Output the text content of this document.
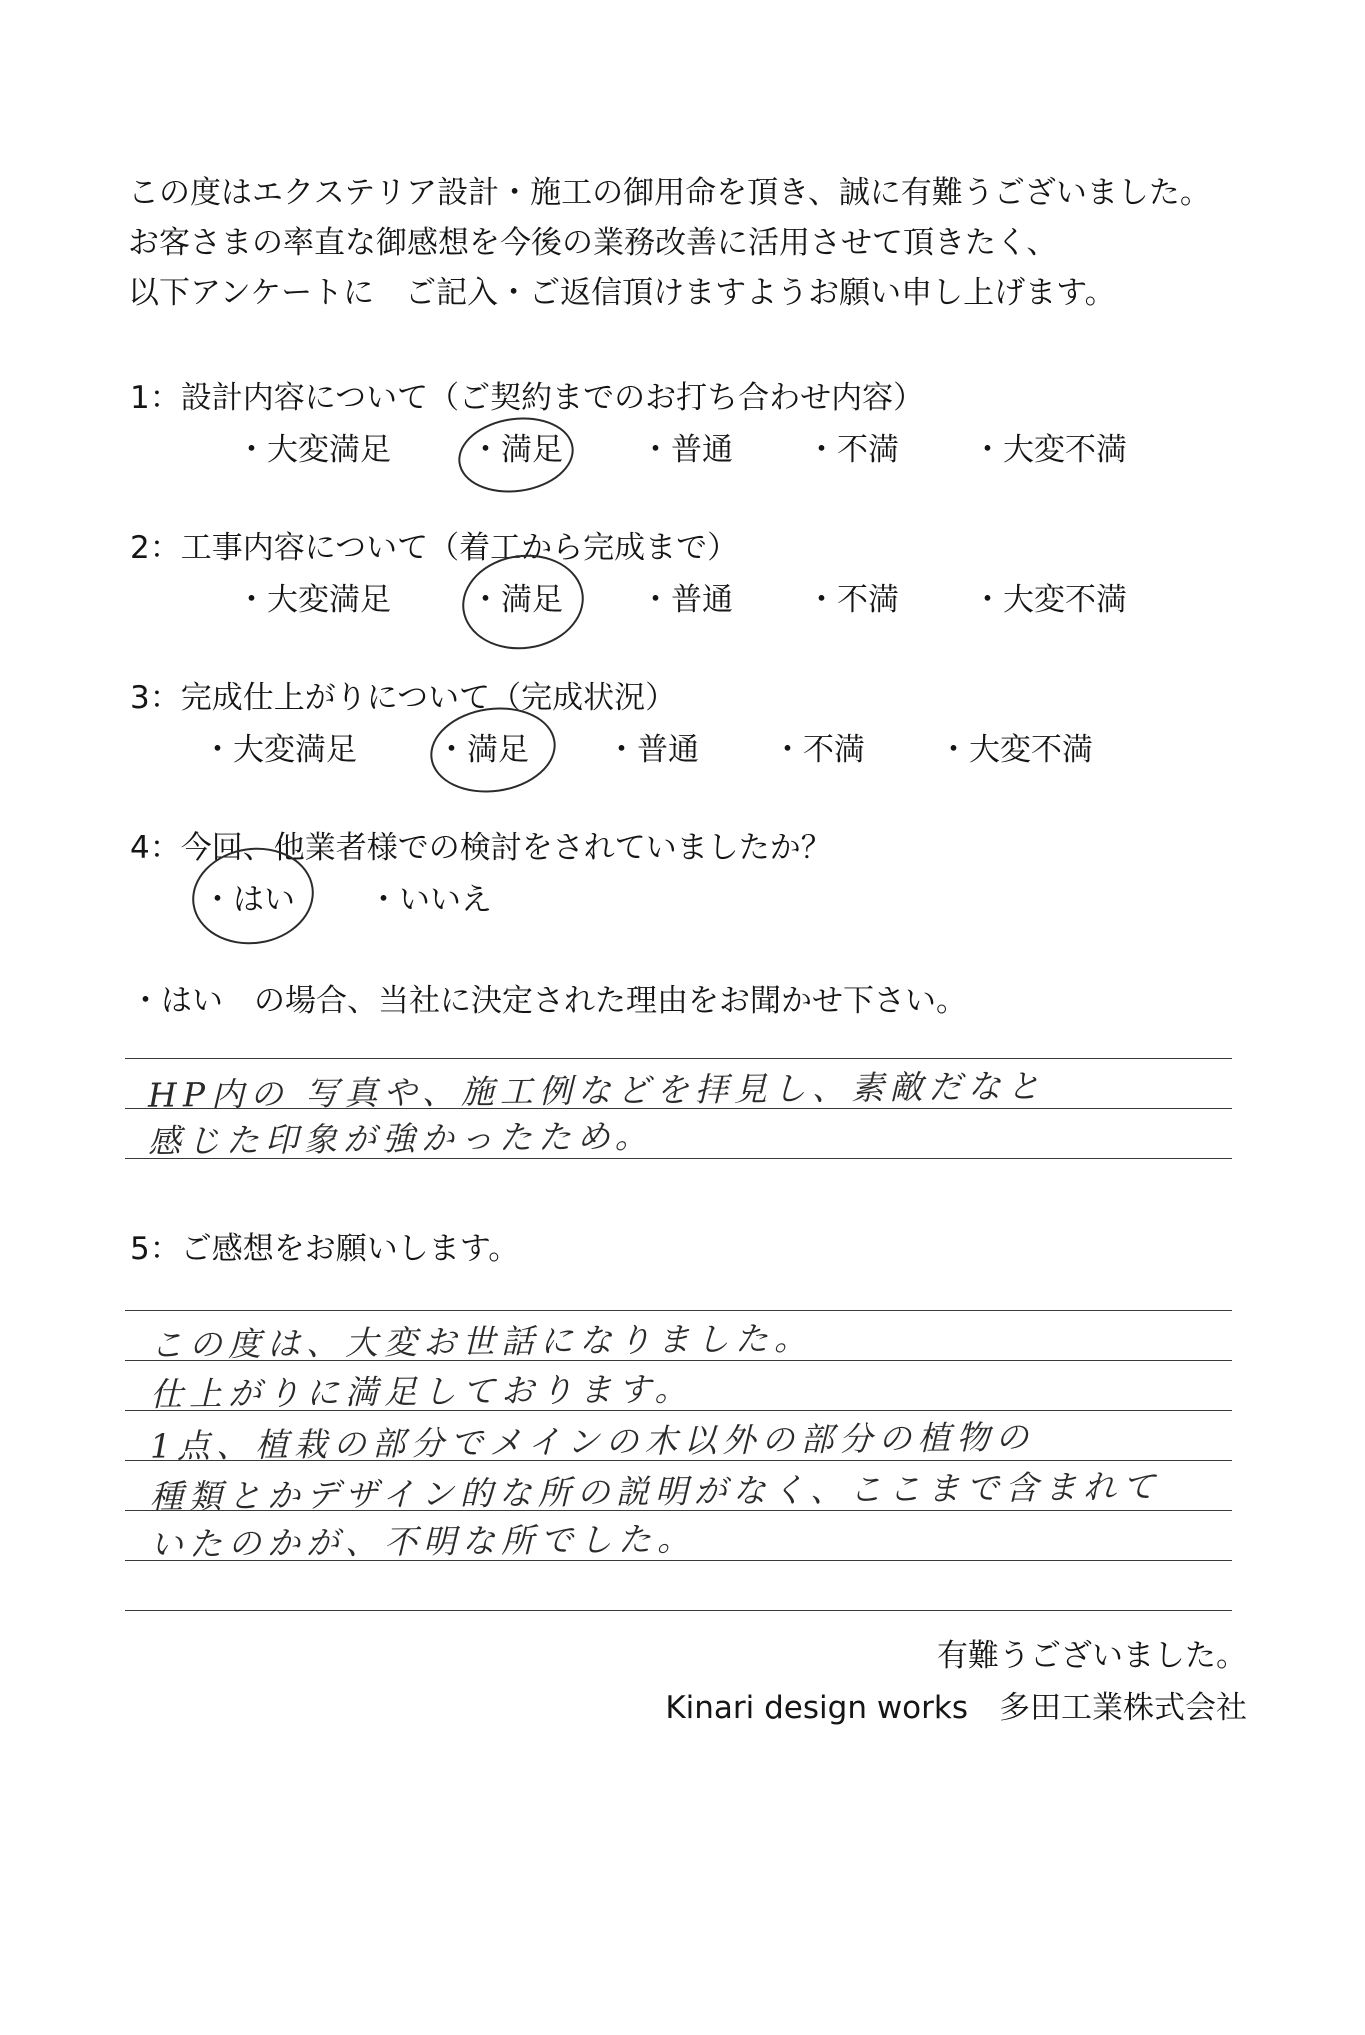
この度はエクステリア設計・施工の御用命を頂き、誠に有難うございました。
お客さまの率直な御感想を今後の業務改善に活用させて頂きたく、
以下アンケートに　ご記入・ご返信頂けますようお願い申し上げます。
1：設計内容について（ご契約までのお打ち合わせ内容）
・大変満足	・満足 ・普通 ・不満 ・大変不満
2：工事内容について（着工から完成まで）
・大変満足	・満足 ・普通 ・不満 ・大変不満
3：完成仕上がりについて（完成状況）
・大変満足	・満足 ・普通 ・不満 ・大変不満
4：今回、他業者様での検討をされていましたか？
・はい ・いいえ
・はい　の場合、当社に決定された理由をお聞かせ下さい。
HP内の 写真や、施工例などを拝見し、素敵だなと
感じた印象が強かったため。
5：ご感想をお願いします。
この度は、大変お世話になりました。
仕上がりに満足しております。
1点、植栽の部分でメインの木以外の部分の植物の
種類とかデザイン的な所の説明がなく、ここまで含まれて
いたのかが、不明な所でした。
有難うございました。
Kinari design works　多田工業株式会社
